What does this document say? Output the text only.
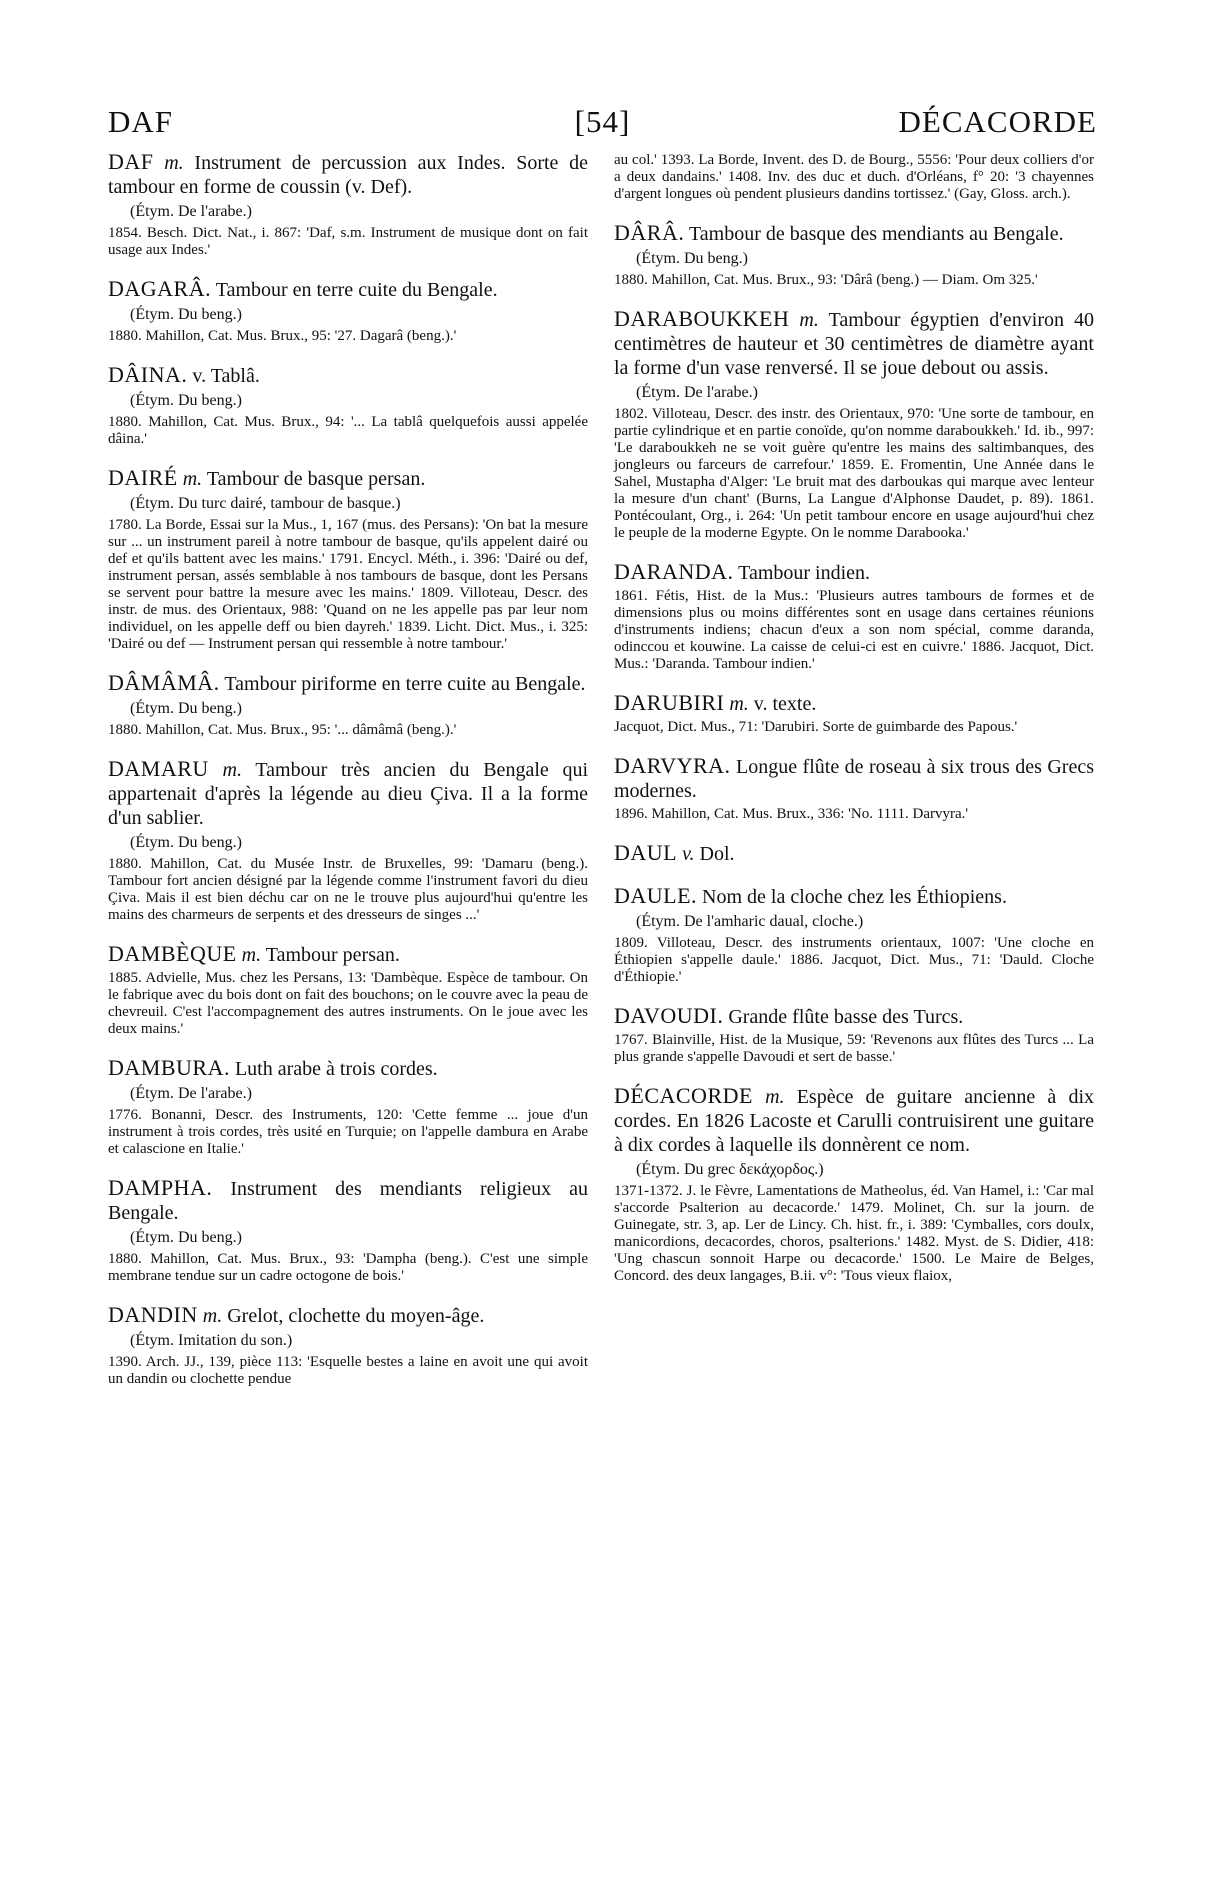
DAF	[54]	DÉCACORDE

DAF m. Instrument de percussion aux Indes. Sorte de tambour en forme de coussin (v. Def).

(Étym. De l'arabe.)

1854. Besch. Dict. Nat., i. 867: 'Daf, s.m. Instrument de musique dont on fait usage aux Indes.'

DAGARÂ. Tambour en terre cuite du Bengale.

(Étym. Du beng.)

1880. Mahillon, Cat. Mus. Brux., 95: '27. Dagarâ (beng.).'

DÂINA. v. Tablâ.

(Étym. Du beng.)

1880. Mahillon, Cat. Mus. Brux., 94: '... La tablâ quelquefois aussi appelée dâina.'

DAIRÉ m. Tambour de basque persan.

(Étym. Du turc dairé, tambour de basque.)

1780. La Borde, Essai sur la Mus., 1, 167 (mus. des Persans): 'On bat la mesure sur ... un instrument pareil à notre tambour de basque, qu'ils appelent dairé ou def et qu'ils battent avec les mains.' 1791. Encycl. Méth., i. 396: 'Dairé ou def, instrument persan, assés semblable à nos tambours de basque, dont les Persans se servent pour battre la mesure avec les mains.' 1809. Villoteau, Descr. des instr. de mus. des Orientaux, 988: 'Quand on ne les appelle pas par leur nom individuel, on les appelle deff ou bien dayreh.' 1839. Licht. Dict. Mus., i. 325: 'Dairé ou def — Instrument persan qui ressemble à notre tambour.'

DÂMÂMÂ. Tambour piriforme en terre cuite au Bengale.

(Étym. Du beng.)

1880. Mahillon, Cat. Mus. Brux., 95: '... dâmâmâ (beng.).'

DAMARU m. Tambour très ancien du Bengale qui appartenait d'après la légende au dieu Çiva. Il a la forme d'un sablier.

(Étym. Du beng.)

1880. Mahillon, Cat. du Musée Instr. de Bruxelles, 99: 'Damaru (beng.). Tambour fort ancien désigné par la légende comme l'instrument favori du dieu Çiva. Mais il est bien déchu car on ne le trouve plus aujourd'hui qu'entre les mains des charmeurs de serpents et des dresseurs de singes ...'

DAMBÈQUE m. Tambour persan.

1885. Advielle, Mus. chez les Persans, 13: 'Dambèque. Espèce de tambour. On le fabrique avec du bois dont on fait des bouchons; on le couvre avec la peau de chevreuil. C'est l'accompagnement des autres instruments. On le joue avec les deux mains.'

DAMBURA. Luth arabe à trois cordes.

(Étym. De l'arabe.)

1776. Bonanni, Descr. des Instruments, 120: 'Cette femme ... joue d'un instrument à trois cordes, très usité en Turquie; on l'appelle dambura en Arabe et calascione en Italie.'

DAMPHA. Instrument des mendiants religieux au Bengale.

(Étym. Du beng.)

1880. Mahillon, Cat. Mus. Brux., 93: 'Dampha (beng.). C'est une simple membrane tendue sur un cadre octogone de bois.'

DANDIN m. Grelot, clochette du moyen-âge.

(Étym. Imitation du son.)

1390. Arch. JJ., 139, pièce 113: 'Esquelle bestes a laine en avoit une qui avoit un dandin ou clochette pendue

au col.' 1393. La Borde, Invent. des D. de Bourg., 5556: 'Pour deux colliers d'or a deux dandains.' 1408. Inv. des duc et duch. d'Orléans, f° 20: '3 chayennes d'argent longues où pendent plusieurs dandins tortissez.' (Gay, Gloss. arch.).

DÂRÂ. Tambour de basque des mendiants au Bengale.

(Étym. Du beng.)

1880. Mahillon, Cat. Mus. Brux., 93: 'Dârâ (beng.) — Diam. Om 325.'

DARABOUKKEH m. Tambour égyptien d'environ 40 centimètres de hauteur et 30 centimètres de diamètre ayant la forme d'un vase renversé. Il se joue debout ou assis.

(Étym. De l'arabe.)

1802. Villoteau, Descr. des instr. des Orientaux, 970: 'Une sorte de tambour, en partie cylindrique et en partie conoïde, qu'on nomme daraboukkeh.' Id. ib., 997: 'Le daraboukkeh ne se voit guère qu'entre les mains des saltimbanques, des jongleurs ou farceurs de carrefour.' 1859. E. Fromentin, Une Année dans le Sahel, Mustapha d'Alger: 'Le bruit mat des darboukas qui marque avec lenteur la mesure d'un chant' (Burns, La Langue d'Alphonse Daudet, p. 89). 1861. Pontécoulant, Org., i. 264: 'Un petit tambour encore en usage aujourd'hui chez le peuple de la moderne Egypte. On le nomme Darabooka.'

DARANDA. Tambour indien.

1861. Fétis, Hist. de la Mus.: 'Plusieurs autres tambours de formes et de dimensions plus ou moins différentes sont en usage dans certaines réunions d'instruments indiens; chacun d'eux a son nom spécial, comme daranda, odinccou et kouwine. La caisse de celui-ci est en cuivre.' 1886. Jacquot, Dict. Mus.: 'Daranda. Tambour indien.'

DARUBIRI m. v. texte.

Jacquot, Dict. Mus., 71: 'Darubiri. Sorte de guimbarde des Papous.'

DARVYRA. Longue flûte de roseau à six trous des Grecs modernes.

1896. Mahillon, Cat. Mus. Brux., 336: 'No. 1111. Darvyra.'

DAUL v. Dol.

DAULE. Nom de la cloche chez les Éthiopiens.

(Étym. De l'amharic daual, cloche.)

1809. Villoteau, Descr. des instruments orientaux, 1007: 'Une cloche en Éthiopien s'appelle daule.' 1886. Jacquot, Dict. Mus., 71: 'Dauld. Cloche d'Éthiopie.'

DAVOUDI. Grande flûte basse des Turcs.

1767. Blainville, Hist. de la Musique, 59: 'Revenons aux flûtes des Turcs ... La plus grande s'appelle Davoudi et sert de basse.'

DÉCACORDE m. Espèce de guitare ancienne à dix cordes. En 1826 Lacoste et Carulli contruisirent une guitare à dix cordes à laquelle ils donnèrent ce nom.

(Étym. Du grec δεκάχορδος.)

1371-1372. J. le Fèvre, Lamentations de Matheolus, éd. Van Hamel, i.: 'Car mal s'accorde Psalterion au decacorde.' 1479. Molinet, Ch. sur la journ. de Guinegate, str. 3, ap. Ler de Lincy. Ch. hist. fr., i. 389: 'Cymballes, cors doulx, manicordions, decacordes, choros, psalterions.' 1482. Myst. de S. Didier, 418: 'Ung chascun sonnoit Harpe ou decacorde.' 1500. Le Maire de Belges, Concord. des deux langages, B.ii. v°: 'Tous vieux flaiox,
